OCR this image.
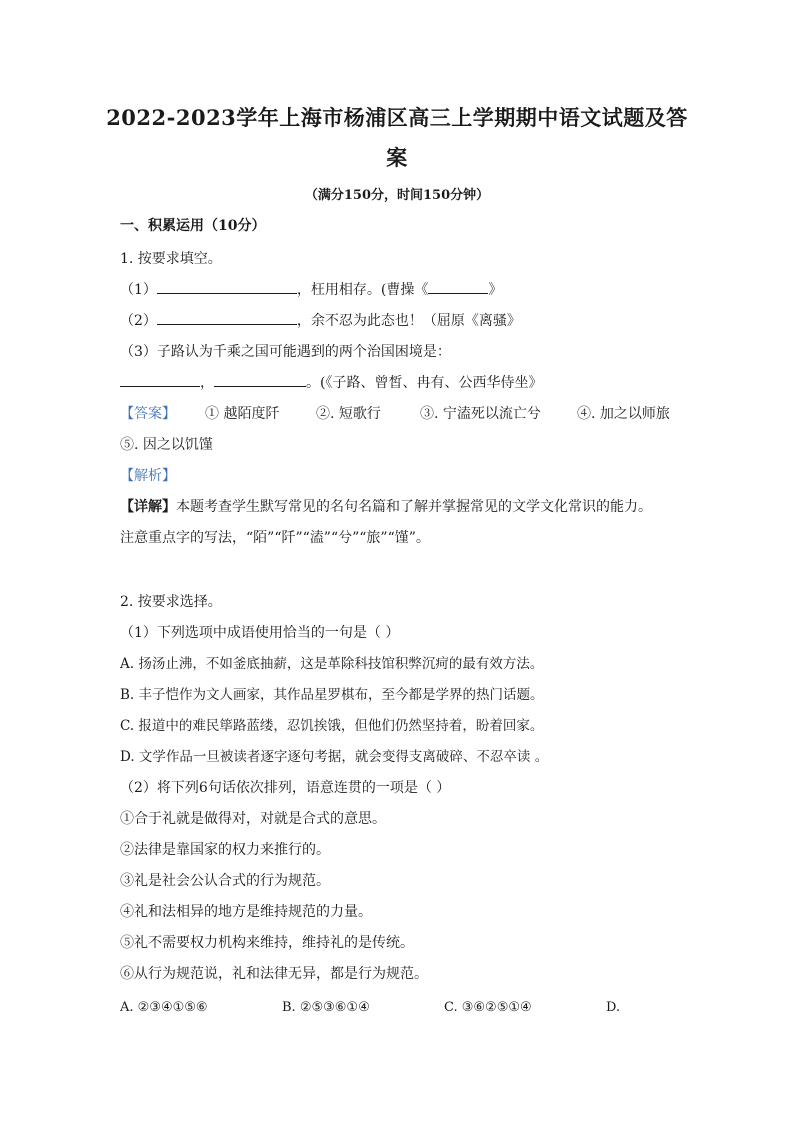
2022-2023学年上海市杨浦区高三上学期期中语文试题及答
案
（满分150分，时间150分钟）
一、积累运用（10分）
1. 按要求填空。
（1）	，枉用相存。(曹操《	》
（2）	，余不忍为此态也！（屈原《离骚》
（3）子路认为千乘之国可能遇到的两个治国困境是：
，	。(《子路、曾皙、冉有、公西华侍坐》
【答案】 ① 越陌度阡	②. 短歌行	③. 宁溘死以流亡兮	④. 加之以师旅
⑤. 因之以饥馑
【解析】
【详解】本题考查学生默写常见的名句名篇和了解并掌握常见的文学文化常识的能力。
注意重点字的写法，“陌”“阡”“溘”“兮”“旅”“馑”。
2. 按要求选择。
（1）下列选项中成语使用恰当的一句是（ ）
A. 扬汤止沸，不如釜底抽薪，这是革除科技馆积弊沉疴的最有效方法。
B. 丰子恺作为文人画家，其作品星罗棋布，至今都是学界的热门话题。
C. 报道中的难民筚路蓝缕，忍饥挨饿，但他们仍然坚持着，盼着回家。
D. 文学作品一旦被读者逐字逐句考据，就会变得支离破碎、不忍卒读 。
（2）将下列6句话依次排列，语意连贯的一项是（ ）
①合于礼就是做得对，对就是合式的意思。
②法律是靠国家的权力来推行的。
③礼是社会公认合式的行为规范。
④礼和法相异的地方是维持规范的力量。
⑤礼不需要权力机构来维持，维持礼的是传统。
⑥从行为规范说，礼和法律无异，都是行为规范。
A. ②③④①⑤⑥	B. ②⑤③⑥①④	C. ③⑥②⑤①④	D.
